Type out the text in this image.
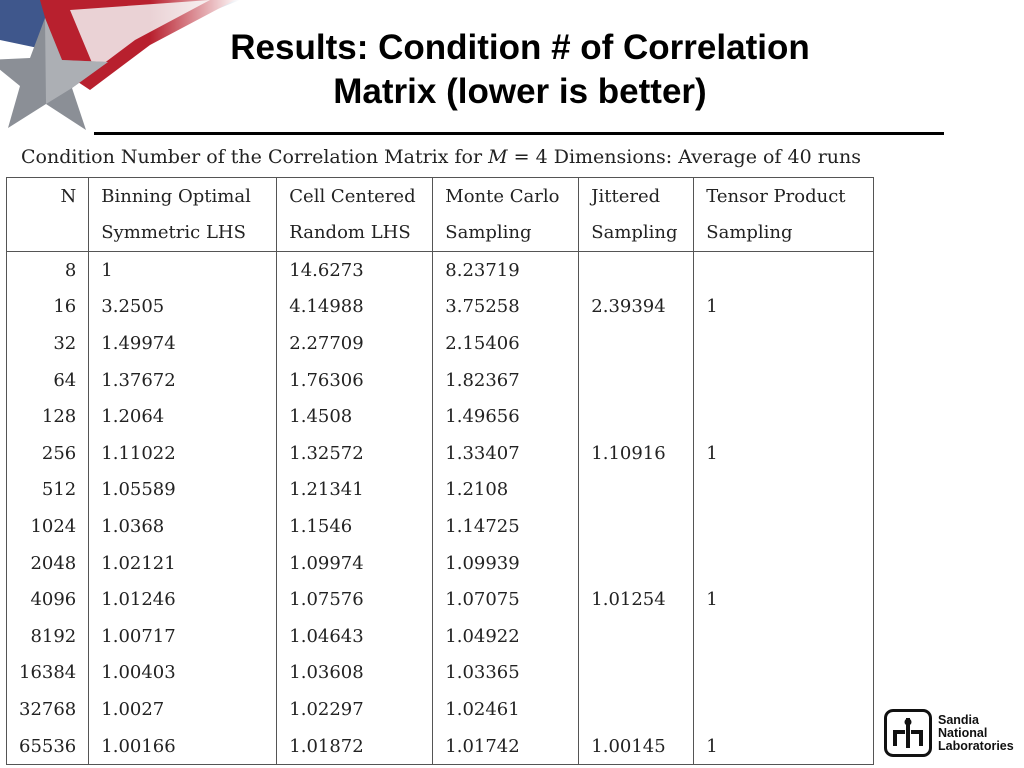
Results: Condition # of Correlation
Matrix (lower is better)
Condition Number of the Correlation Matrix for M = 4 Dimensions: Average of 40 runs
N	Binning Optimal	Cell Centered	Monte Carlo	Jittered	Tensor Product
	Symmetric LHS	Random LHS	Sampling	Sampling	Sampling
8	1	14.6273	8.23719		
16	3.2505	4.14988	3.75258	2.39394	1
32	1.49974	2.27709	2.15406		
64	1.37672	1.76306	1.82367		
128	1.2064	1.4508	1.49656		
256	1.11022	1.32572	1.33407	1.10916	1
512	1.05589	1.21341	1.2108		
1024	1.0368	1.1546	1.14725		
2048	1.02121	1.09974	1.09939		
4096	1.01246	1.07576	1.07075	1.01254	1
8192	1.00717	1.04643	1.04922		
16384	1.00403	1.03608	1.03365		
32768	1.0027	1.02297	1.02461		
65536	1.00166	1.01872	1.01742	1.00145	1
Sandia
National
Laboratories
